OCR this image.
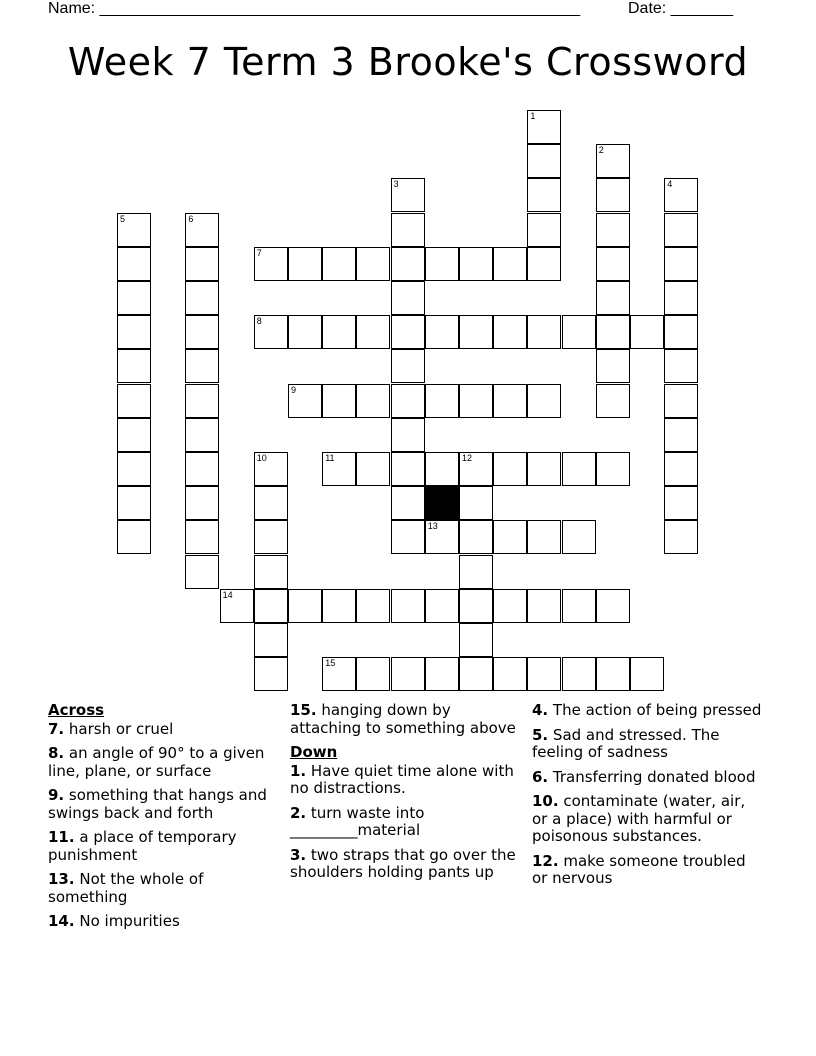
Name: ______________________________________________________	Date: _______
Week 7 Term 3 Brooke's Crossword
1
2
3	4
5	6
7
8
9
10	11	12
13
14
15
Across
7. harsh or cruel
8. an angle of 90° to a given line, plane, or surface
9. something that hangs and swings back and forth
11. a place of temporary punishment
13. Not the whole of something
14. No impurities
15. hanging down by attaching to something above
Down
1. Have quiet time alone with no distractions.
2. turn waste into _________material
3. two straps that go over the shoulders holding pants up
4. The action of being pressed
5. Sad and stressed. The feeling of sadness
6. Transferring donated blood
10. contaminate (water, air, or a place) with harmful or poisonous substances.
12. make someone troubled or nervous
